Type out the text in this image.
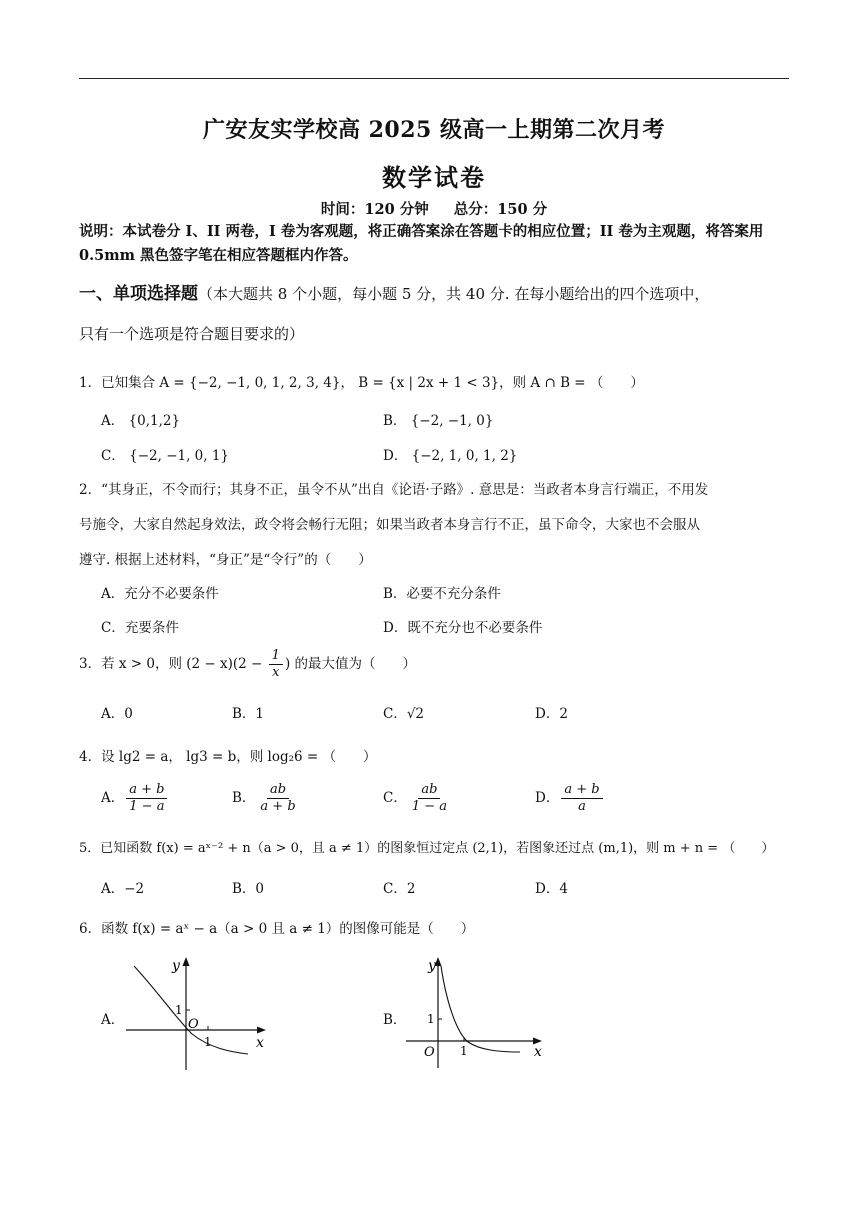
广安友实学校高 2025 级高一上期第二次月考
数学试卷
时间：120 分钟 总分：150 分
说明：本试卷分 I、II 两卷，I 卷为客观题，将正确答案涂在答题卡的相应位置；II 卷为主观题，将答案用 0.5mm 黑色签字笔在相应答题框内作答。
一、单项选择题（本大题共 8 个小题，每小题 5 分，共 40 分. 在每小题给出的四个选项中，
只有一个选项是符合题目要求的）
1．已知集合 A = {−2, −1, 0, 1, 2, 3, 4}， B = {x | 2x + 1 < 3}，则 A ∩ B = （　　）
A． {0,1,2}	B． {−2, −1, 0}
C． {−2, −1, 0, 1}	D． {−2, 1, 0, 1, 2}
2．“其身正，不令而行；其身不正，虽令不从”出自《论语·子路》. 意思是：当政者本身言行端正，不用发
号施令，大家自然起身效法，政令将会畅行无阻；如果当政者本身言行不正，虽下命令，大家也不会服从
遵守. 根据上述材料，“身正”是“令行”的（　　）
A．充分不必要条件	B．必要不充分条件
C．充要条件	D．既不充分也不必要条件
3．若 x > 0，则 $(2 - x)(2 - \frac{1}{x}$ ) 的最大值为（　　）
A．0	B．1	C．√2	D．2
4．设 lg2 = a， lg3 = b，则 log₂6 = （　　）
A． $\frac{a + b}{1 - a}$	B． $\frac{ab}{a + b}$	C． $\frac{ab}{1 - a}$	D． $\frac{a + b}{a}$
5．已知函数 f(x) = aˣ⁻² + n（a > 0，且 a ≠ 1）的图象恒过定点 (2,1)，若图象还过点 (m,1)，则 m + n = （　　）
A．−2	B．0	C．2	D．4
6．函数 f(x) = aˣ − a（a > 0 且 a ≠ 1）的图像可能是（　　）
A．
y
x
O
1
1
B．
y
x
O 1
1
